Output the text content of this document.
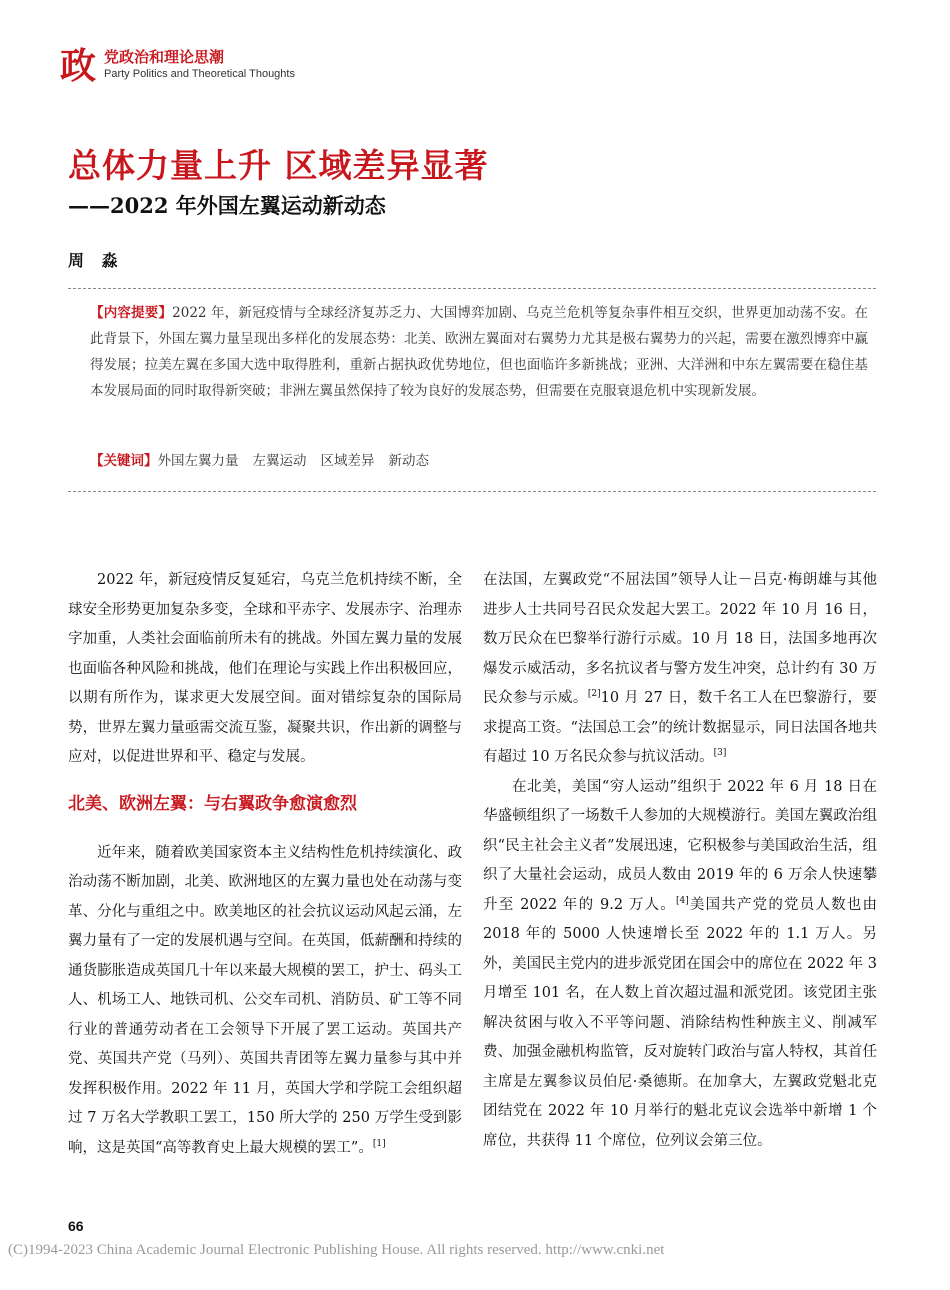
政 党政治和理论思潮
Party Politics and Theoretical Thoughts
总体力量上升 区域差异显著
——2022 年外国左翼运动新动态
周 淼

【内容提要】2022 年，新冠疫情与全球经济复苏乏力、大国博弈加剧、乌克兰危机等复杂事件相互交织，世界更加动荡不安。在此背景下，外国左翼力量呈现出多样化的发展态势：北美、欧洲左翼面对右翼势力尤其是极右翼势力的兴起，需要在激烈博弈中赢得发展；拉美左翼在多国大选中取得胜利，重新占据执政优势地位，但也面临许多新挑战；亚洲、大洋洲和中东左翼需要在稳住基本发展局面的同时取得新突破；非洲左翼虽然保持了较为良好的发展态势，但需要在克服衰退危机中实现新发展。

【关键词】外国左翼力量 左翼运动 区域差异 新动态

2022 年，新冠疫情反复延宕，乌克兰危机持续不断，全球安全形势更加复杂多变，全球和平赤字、发展赤字、治理赤字加重，人类社会面临前所未有的挑战。外国左翼力量的发展也面临各种风险和挑战，他们在理论与实践上作出积极回应，以期有所作为，谋求更大发展空间。面对错综复杂的国际局势，世界左翼力量亟需交流互鉴，凝聚共识，作出新的调整与应对，以促进世界和平、稳定与发展。

北美、欧洲左翼：与右翼政争愈演愈烈

近年来，随着欧美国家资本主义结构性危机持续演化、政治动荡不断加剧，北美、欧洲地区的左翼力量也处在动荡与变革、分化与重组之中。欧美地区的社会抗议运动风起云涌，左翼力量有了一定的发展机遇与空间。在英国，低薪酬和持续的通货膨胀造成英国几十年以来最大规模的罢工，护士、码头工人、机场工人、地铁司机、公交车司机、消防员、矿工等不同行业的普通劳动者在工会领导下开展了罢工运动。英国共产党、英国共产党（马列）、英国共青团等左翼力量参与其中并发挥积极作用。2022 年 11 月，英国大学和学院工会组织超过 7 万名大学教职工罢工，150 所大学的 250 万学生受到影响，这是英国“高等教育史上最大规模的罢工”。[1]

在法国，左翼政党“不屈法国”领导人让－吕克·梅朗雄与其他进步人士共同号召民众发起大罢工。2022 年 10 月 16 日，数万民众在巴黎举行游行示威。10 月 18 日，法国多地再次爆发示威活动，多名抗议者与警方发生冲突，总计约有 30 万民众参与示威。[2]10 月 27 日，数千名工人在巴黎游行，要求提高工资。“法国总工会”的统计数据显示，同日法国各地共有超过 10 万名民众参与抗议活动。[3]

在北美，美国“穷人运动”组织于 2022 年 6 月 18 日在华盛顿组织了一场数千人参加的大规模游行。美国左翼政治组织“民主社会主义者”发展迅速，它积极参与美国政治生活，组织了大量社会运动，成员人数由 2019 年的 6 万余人快速攀升至 2022 年的 9.2 万人。[4]美国共产党的党员人数也由 2018 年的 5000 人快速增长至 2022 年的 1.1 万人。另外，美国民主党内的进步派党团在国会中的席位在 2022 年 3 月增至 101 名，在人数上首次超过温和派党团。该党团主张解决贫困与收入不平等问题、消除结构性种族主义、削减军费、加强金融机构监管，反对旋转门政治与富人特权，其首任主席是左翼参议员伯尼·桑德斯。在加拿大，左翼政党魁北克团结党在 2022 年 10 月举行的魁北克议会选举中新增 1 个席位，共获得 11 个席位，位列议会第三位。

66
(C)1994-2023 China Academic Journal Electronic Publishing House. All rights reserved. http://www.cnki.net
